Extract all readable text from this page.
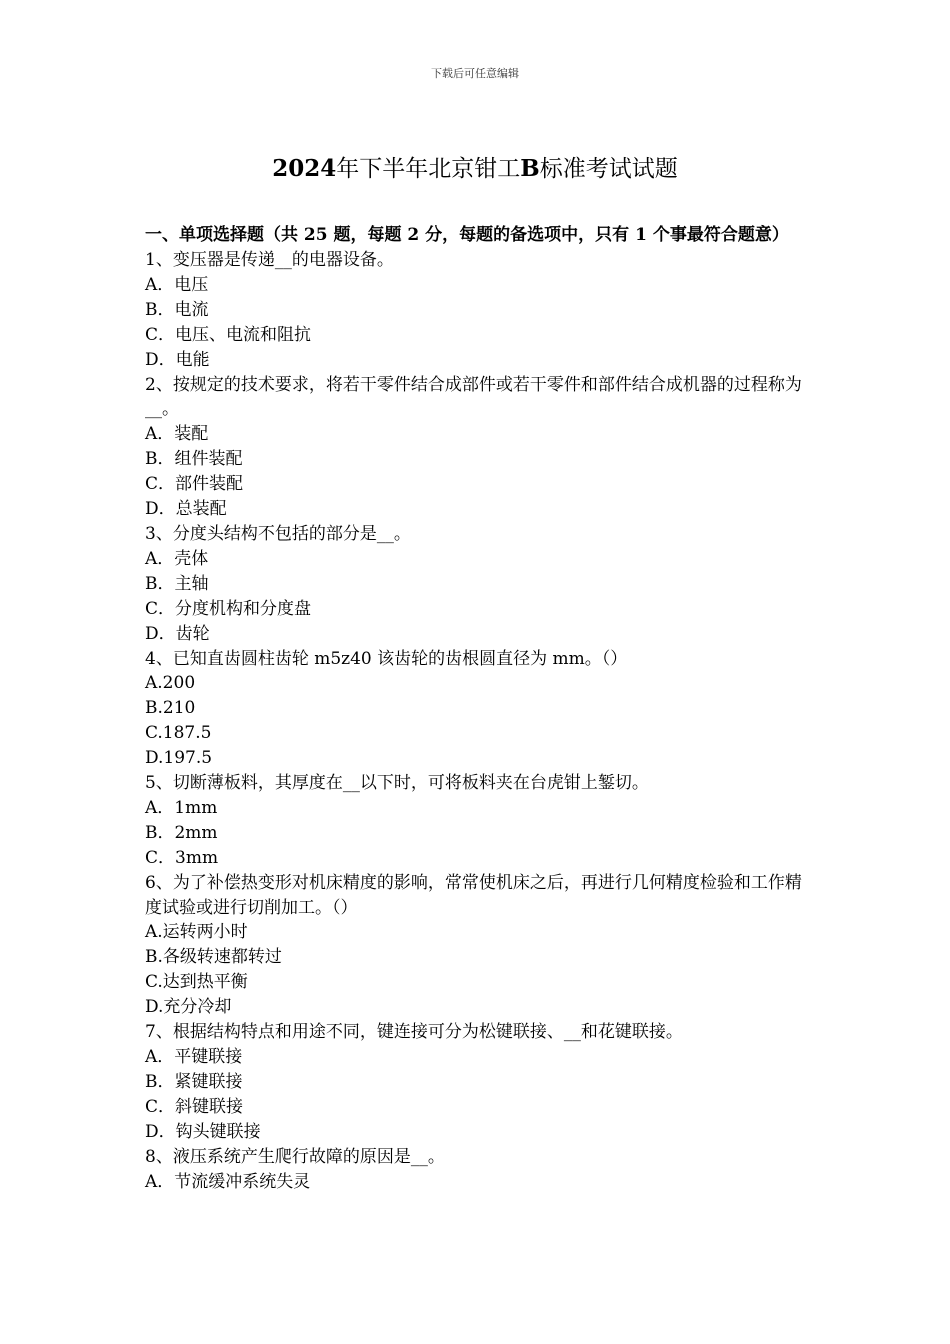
下载后可任意编辑
2024年下半年北京钳工B标准考试试题
一、单项选择题（共 25 题，每题 2 分，每题的备选项中，只有 1 个事最符合题意）

1、变压器是传递__的电器设备。

A．电压

B．电流

C．电压、电流和阻抗

D．电能

2、按规定的技术要求，将若干零件结合成部件或若干零件和部件结合成机器的过程称为__。

A．装配

B．组件装配

C．部件装配

D．总装配

3、分度头结构不包括的部分是__。

A．壳体

B．主轴

C．分度机构和分度盘

D．齿轮

4、已知直齿圆柱齿轮 m5z40 该齿轮的齿根圆直径为 mm。（）

A.200

B.210

C.187.5

D.197.5

5、切断薄板料，其厚度在__以下时，可将板料夹在台虎钳上錾切。

A．1mm

B．2mm

C．3mm

6、为了补偿热变形对机床精度的影响，常常使机床之后，再进行几何精度检验和工作精度试验或进行切削加工。（）

A.运转两小时

B.各级转速都转过

C.达到热平衡

D.充分冷却

7、根据结构特点和用途不同，键连接可分为松键联接、__和花键联接。

A．平键联接

B．紧键联接

C．斜键联接

D．钩头键联接

8、液压系统产生爬行故障的原因是__。

A．节流缓冲系统失灵
